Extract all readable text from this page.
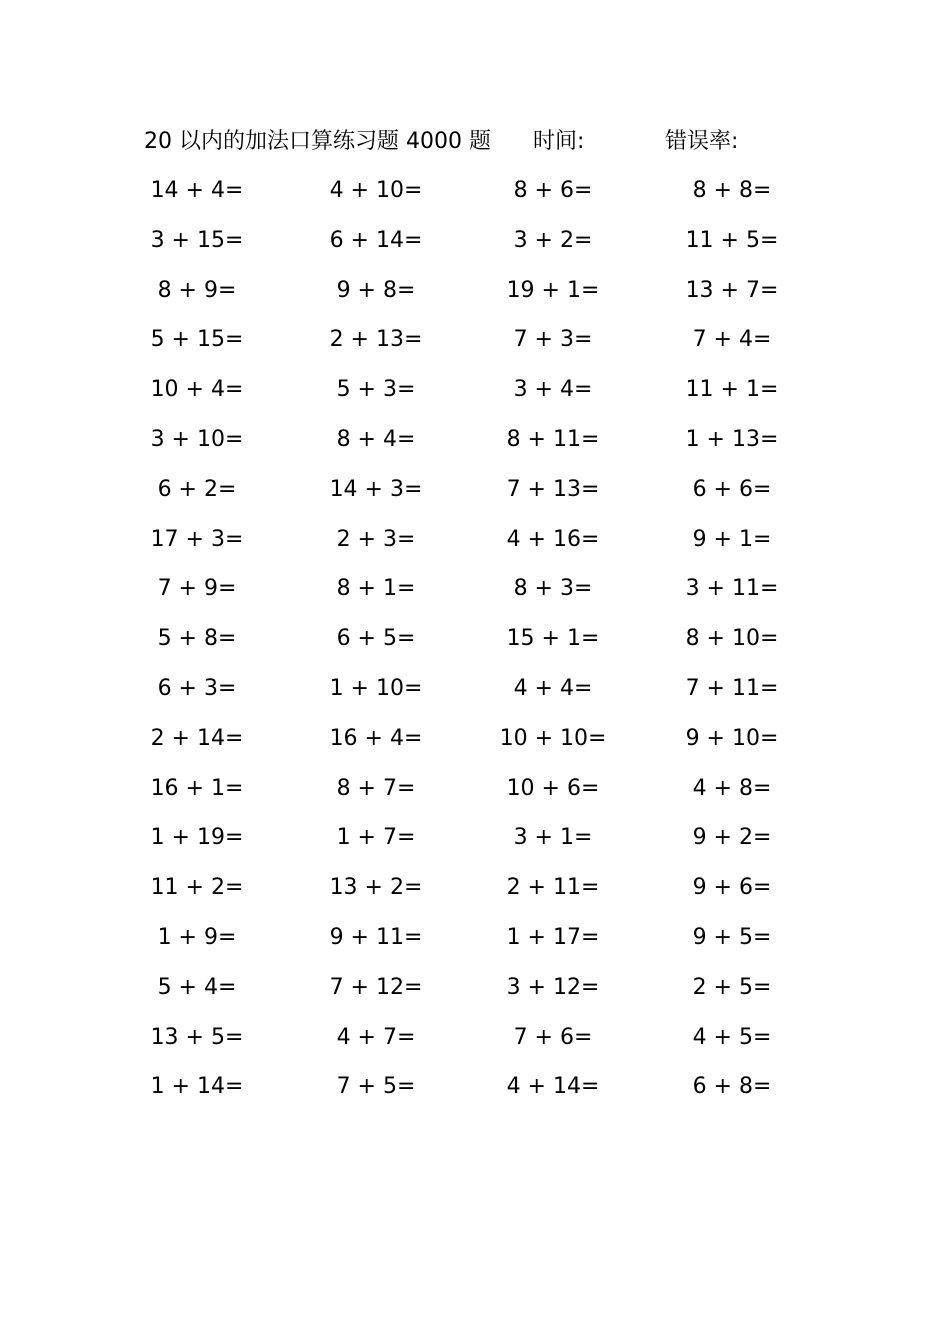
20 以内的加法口算练习题 4000 题 时间:	错误率:
14 + 4=	4 + 10=	8 + 6=	8 + 8=
3 + 15=	6 + 14=	3 + 2=	11 + 5=
8 + 9=	9 + 8=	19 + 1=	13 + 7=
5 + 15=	2 + 13=	7 + 3=	7 + 4=
10 + 4=	5 + 3=	3 + 4=	11 + 1=
3 + 10=	8 + 4=	8 + 11=	1 + 13=
6 + 2=	14 + 3=	7 + 13=	6 + 6=
17 + 3=	2 + 3=	4 + 16=	9 + 1=
7 + 9=	8 + 1=	8 + 3=	3 + 11=
5 + 8=	6 + 5=	15 + 1=	8 + 10=
6 + 3=	1 + 10=	4 + 4=	7 + 11=
2 + 14=	16 + 4=	10 + 10=	9 + 10=
16 + 1=	8 + 7=	10 + 6=	4 + 8=
1 + 19=	1 + 7=	3 + 1=	9 + 2=
11 + 2=	13 + 2=	2 + 11=	9 + 6=
1 + 9=	9 + 11=	1 + 17=	9 + 5=
5 + 4=	7 + 12=	3 + 12=	2 + 5=
13 + 5=	4 + 7=	7 + 6=	4 + 5=
1 + 14=	7 + 5=	4 + 14=	6 + 8=
